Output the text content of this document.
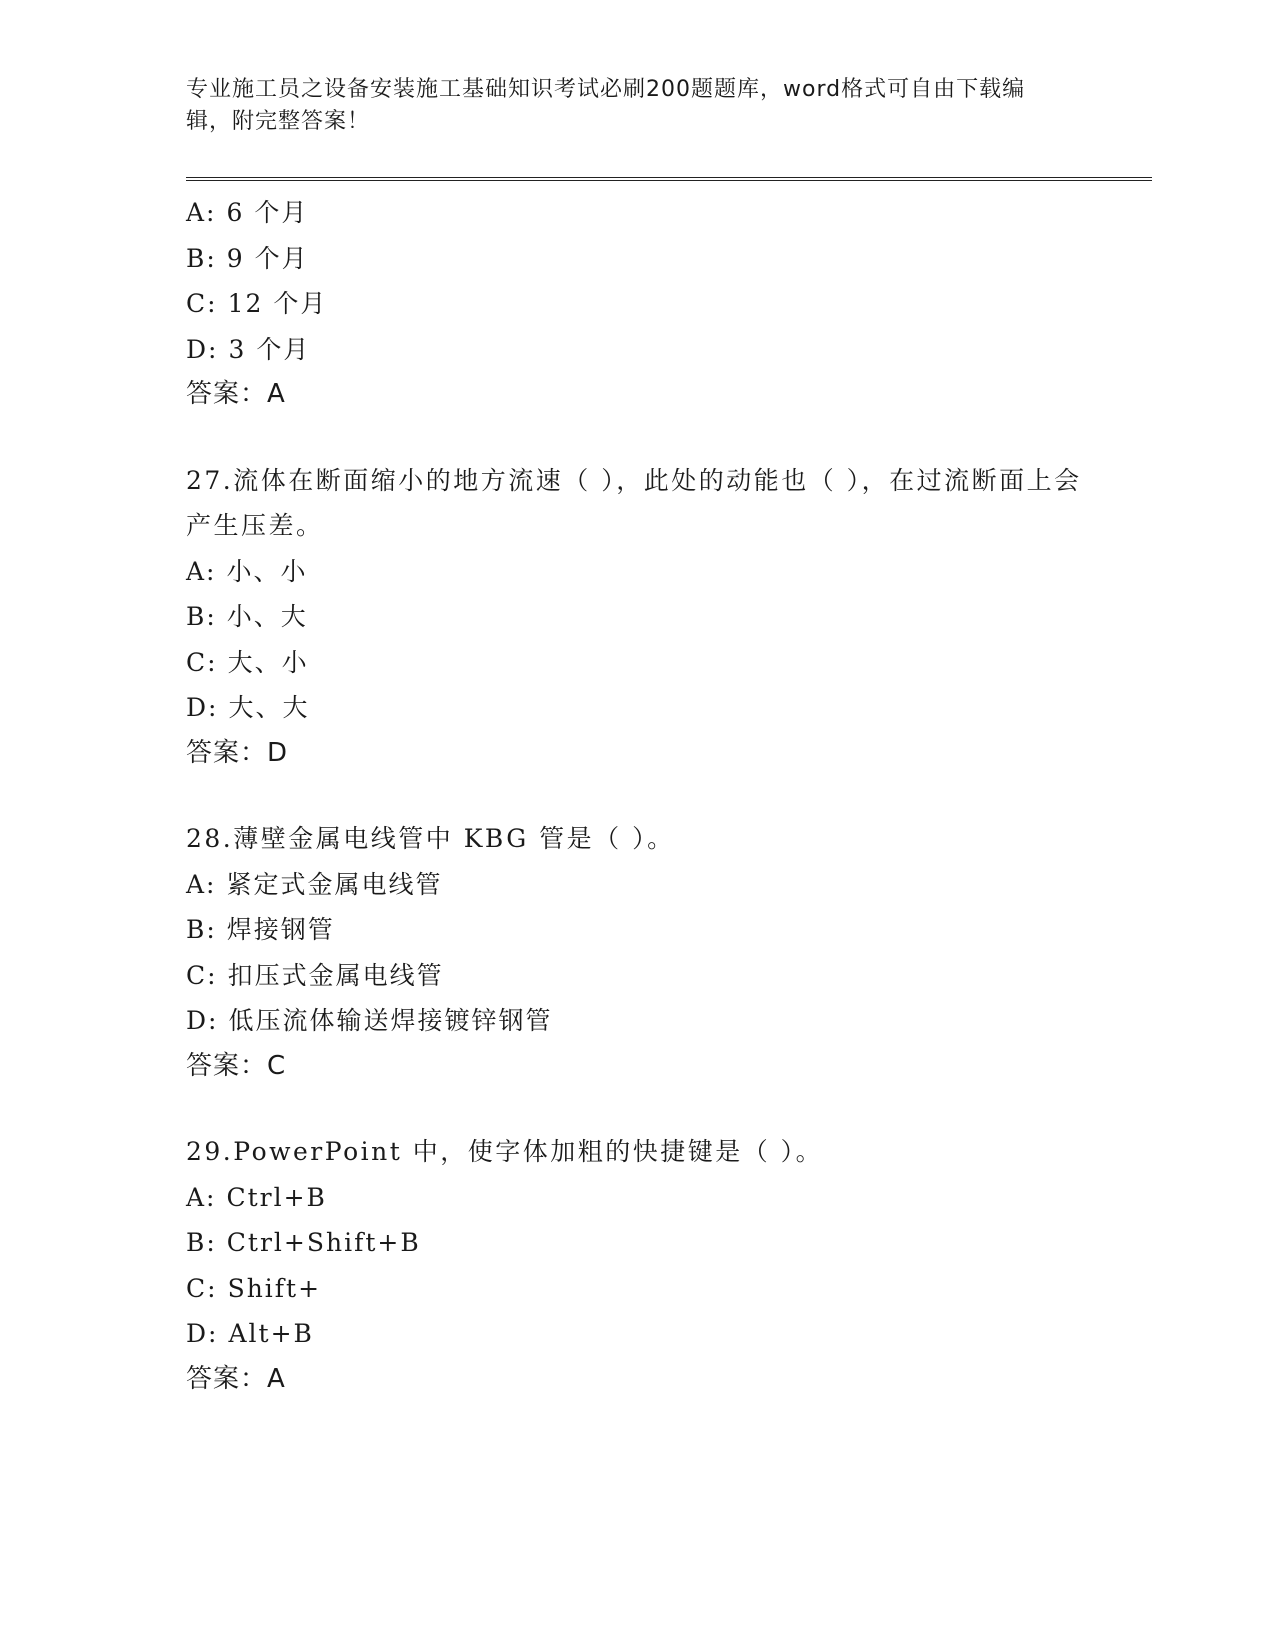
专业施工员之设备安装施工基础知识考试必刷200题题库，word格式可自由下载编辑，附完整答案！
A: 6 个月
B: 9 个月
C: 12 个月
D: 3 个月
答案：A
27.流体在断面缩小的地方流速（ ），此处的动能也（ ），在过流断面上会产生压差。
A: 小、小
B: 小、大
C: 大、小
D: 大、大
答案：D
28.薄壁金属电线管中 KBG 管是（ ）。
A: 紧定式金属电线管
B: 焊接钢管
C: 扣压式金属电线管
D: 低压流体输送焊接镀锌钢管
答案：C
29.PowerPoint 中，使字体加粗的快捷键是（ ）。
A: Ctrl+B
B: Ctrl+Shift+B
C: Shift+
D: Alt+B
答案：A
